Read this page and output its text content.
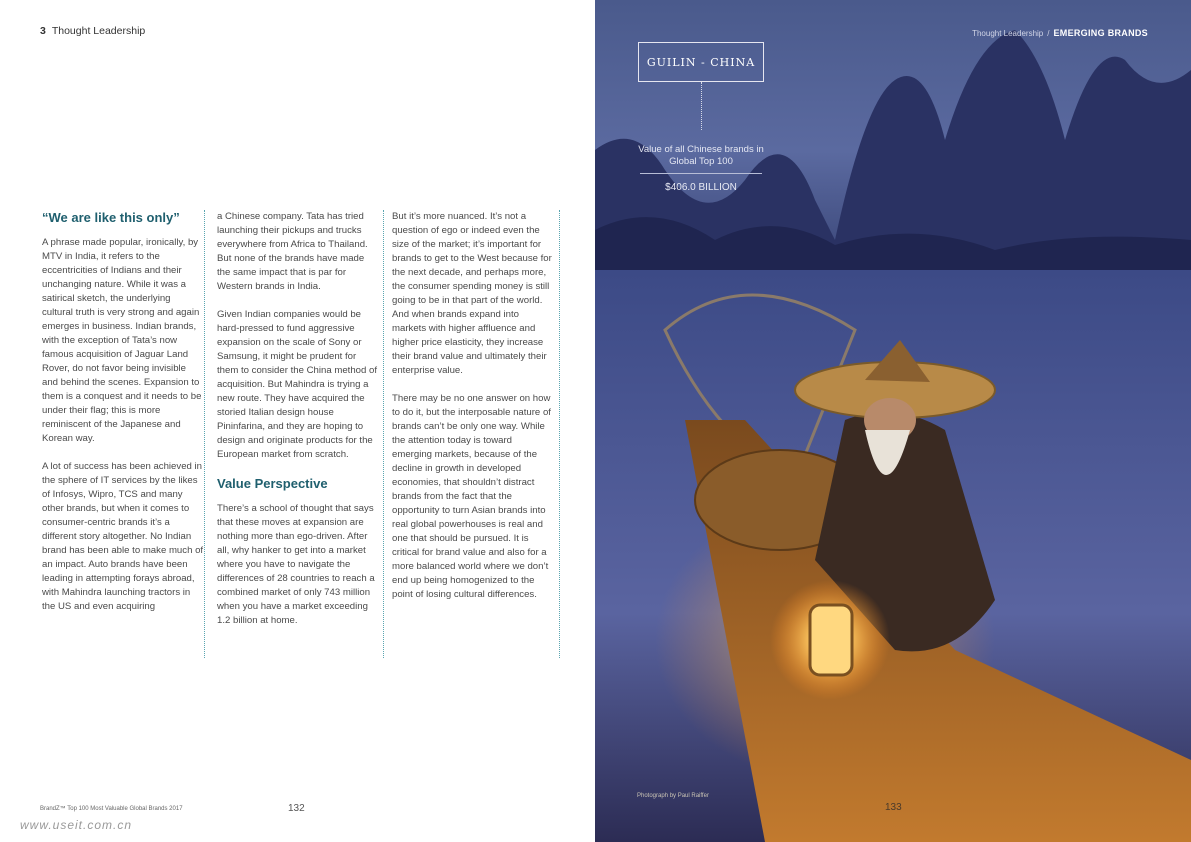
3 Thought Leadership
“We are like this only”

A phrase made popular, ironically, by MTV in India, it refers to the eccentricities of Indians and their unchanging nature. While it was a satirical sketch, the underlying cultural truth is very strong and again emerges in business. Indian brands, with the exception of Tata’s now famous acquisition of Jaguar Land Rover, do not favor being invisible and behind the scenes. Expansion to them is a conquest and it needs to be under their flag; this is more reminiscent of the Japanese and Korean way.

A lot of success has been achieved in the sphere of IT services by the likes of Infosys, Wipro, TCS and many other brands, but when it comes to consumer-centric brands it’s a different story altogether. No Indian brand has been able to make much of an impact. Auto brands have been leading in attempting forays abroad, with Mahindra launching tractors in the US and even acquiring

a Chinese company. Tata has tried launching their pickups and trucks everywhere from Africa to Thailand. But none of the brands have made the same impact that is par for Western brands in India.

Given Indian companies would be hard-pressed to fund aggressive expansion on the scale of Sony or Samsung, it might be prudent for them to consider the China method of acquisition. But Mahindra is trying a new route. They have acquired the storied Italian design house Pininfarina, and they are hoping to design and originate products for the European market from scratch.

Value Perspective

There’s a school of thought that says that these moves at expansion are nothing more than ego-driven. After all, why hanker to get into a market where you have to navigate the differences of 28 countries to reach a combined market of only 743 million when you have a market exceeding 1.2 billion at home.

But it’s more nuanced. It’s not a question of ego or indeed even the size of the market; it’s important for brands to get to the West because for the next decade, and perhaps more, the consumer spending money is still going to be in that part of the world. And when brands expand into markets with higher affluence and higher price elasticity, they increase their brand value and ultimately their enterprise value.

There may be no one answer on how to do it, but the interposable nature of brands can’t be only one way. While the attention today is toward emerging markets, because of the decline in growth in developed economies, that shouldn’t distract brands from the fact that the opportunity to turn Asian brands into real global powerhouses is real and one that should be pursued. It is critical for brand value and also for a more balanced world where we don’t end up being homogenized to the point of losing cultural differences.

BrandZ™ Top 100 Most Valuable Global Brands 2017	132
www.useit.com.cn
Thought Leadership / EMERGING BRANDS
GUILIN - CHINA
Value of all Chinese brands in Global Top 100
$406.0 BILLION
Photograph by Paul Raiffer
133
